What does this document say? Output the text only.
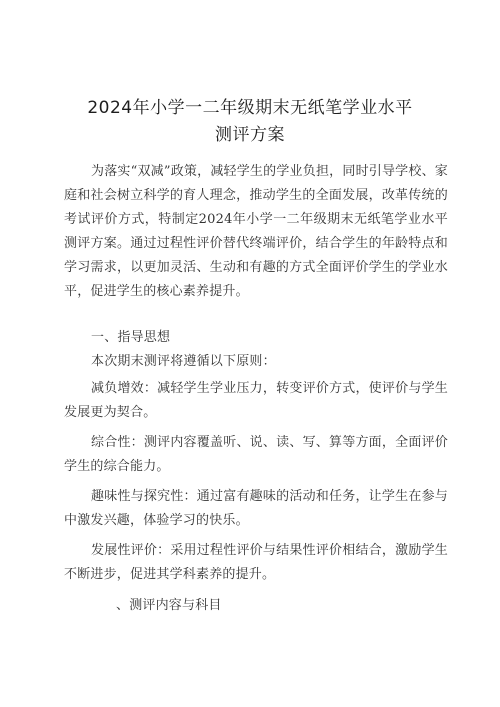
2024年小学一二年级期末无纸笔学业水平
测评方案
为落实“双减”政策，减轻学生的学业负担，同时引导学校、家庭和社会树立科学的育人理念，推动学生的全面发展，改革传统的考试评价方式，特制定2024年小学一二年级期末无纸笔学业水平测评方案。通过过程性评价替代终端评价，结合学生的年龄特点和学习需求，以更加灵活、生动和有趣的方式全面评价学生的学业水平，促进学生的核心素养提升。
一、指导思想
本次期末测评将遵循以下原则：
减负增效：减轻学生学业压力，转变评价方式，使评价与学生发展更为契合。
综合性：测评内容覆盖听、说、读、写、算等方面，全面评价学生的综合能力。
趣味性与探究性：通过富有趣味的活动和任务，让学生在参与中激发兴趣，体验学习的快乐。
发展性评价：采用过程性评价与结果性评价相结合，激励学生不断进步，促进其学科素养的提升。
、测评内容与科目
